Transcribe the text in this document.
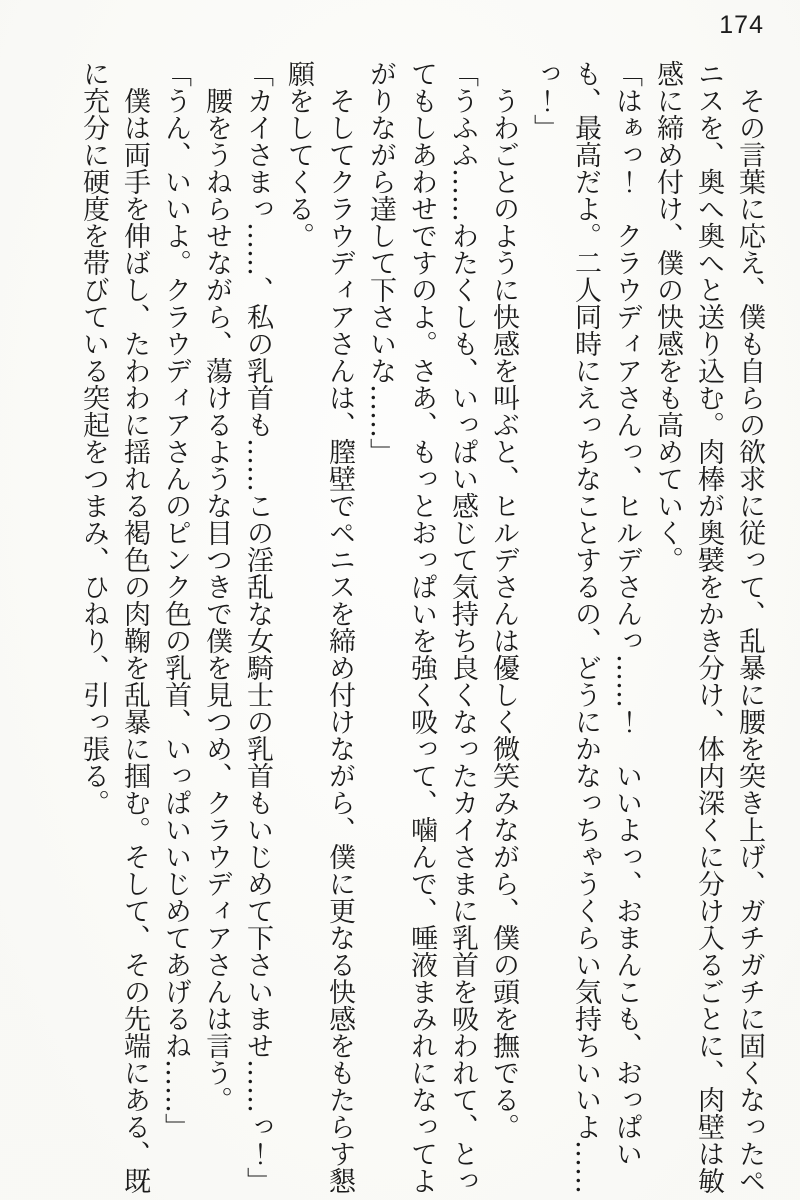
174

その言葉に応え、僕も自らの欲求に従って、乱暴に腰を突き上げ、ガチガチに固くなったペニスを、奥へ奥へと送り込む。肉棒が奥襞をかき分け、体内深くに分け入るごとに、肉壁は敏感に締め付け、僕の快感をも高めていく。

「はぁっ！　クラウディアさんっ、ヒルデさんっ……！　いいよっ、おまんこも、おっぱいも、最高だよ。二人同時にえっちなことするの、どうにかなっちゃうくらい気持ちいいよ……っ！」

うわごとのように快感を叫ぶと、ヒルデさんは優しく微笑みながら、僕の頭を撫でる。

「うふふ……わたくしも、いっぱい感じて気持ち良くなったカイさまに乳首を吸われて、とってもしあわせですのよ。さあ、もっとおっぱいを強く吸って、噛んで、唾液まみれになってよがりながら達して下さいな……」

そしてクラウディアさんは、膣壁でペニスを締め付けながら、僕に更なる快感をもたらす懇願をしてくる。

「カイさまっ……、私の乳首も……この淫乱な女騎士の乳首もいじめて下さいませ……っ！」

腰をうねらせながら、蕩けるような目つきで僕を見つめ、クラウディアさんは言う。

「うん、いいよ。クラウディアさんのピンク色の乳首、いっぱいいじめてあげるね……」

僕は両手を伸ばし、たわわに揺れる褐色の肉鞠を乱暴に掴む。そして、その先端にある、既に充分に硬度を帯びている突起をつまみ、ひねり、引っ張る。
